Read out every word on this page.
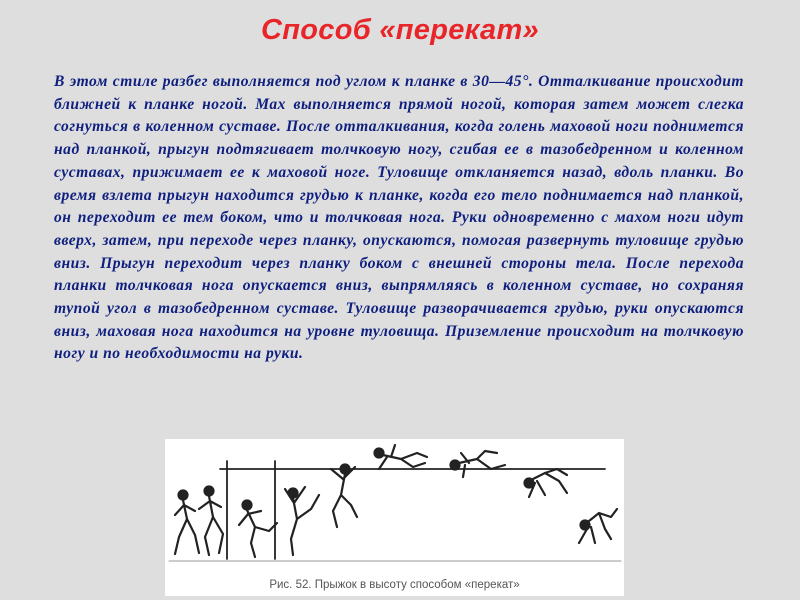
Способ «перекат»

В этом стиле разбег выполняется под углом к планке в 30—45°. Отталкивание происходит ближней к планке ногой. Мах выполняется прямой ногой, которая затем может слегка согнуться в коленном суставе. После отталкивания, когда голень маховой ноги поднимется над планкой, прыгун подтягивает толчковую ногу, сгибая ее в тазобедренном и коленном суставах, прижимает ее к маховой ноге. Туловище откланяется назад, вдоль планки. Во время взлета прыгун находится грудью к планке, когда его тело поднимается над планкой, он переходит ее тем боком, что и толчковая нога. Руки одновременно с махом ноги идут вверх, затем, при переходе через планку, опускаются, помогая развернуть туловище грудью вниз. Прыгун переходит через планку боком с внешней стороны тела. После перехода планки толчковая нога опускается вниз, выпрямляясь в коленном суставе, но сохраняя тупой угол в тазобедренном суставе. Туловище разворачивается грудью, руки опускаются вниз, маховая нога находится на уровне туловища. Приземление происходит на толчковую ногу и по необходимости на руки.

Рис. 52. Прыжок в высоту способом «перекат»
